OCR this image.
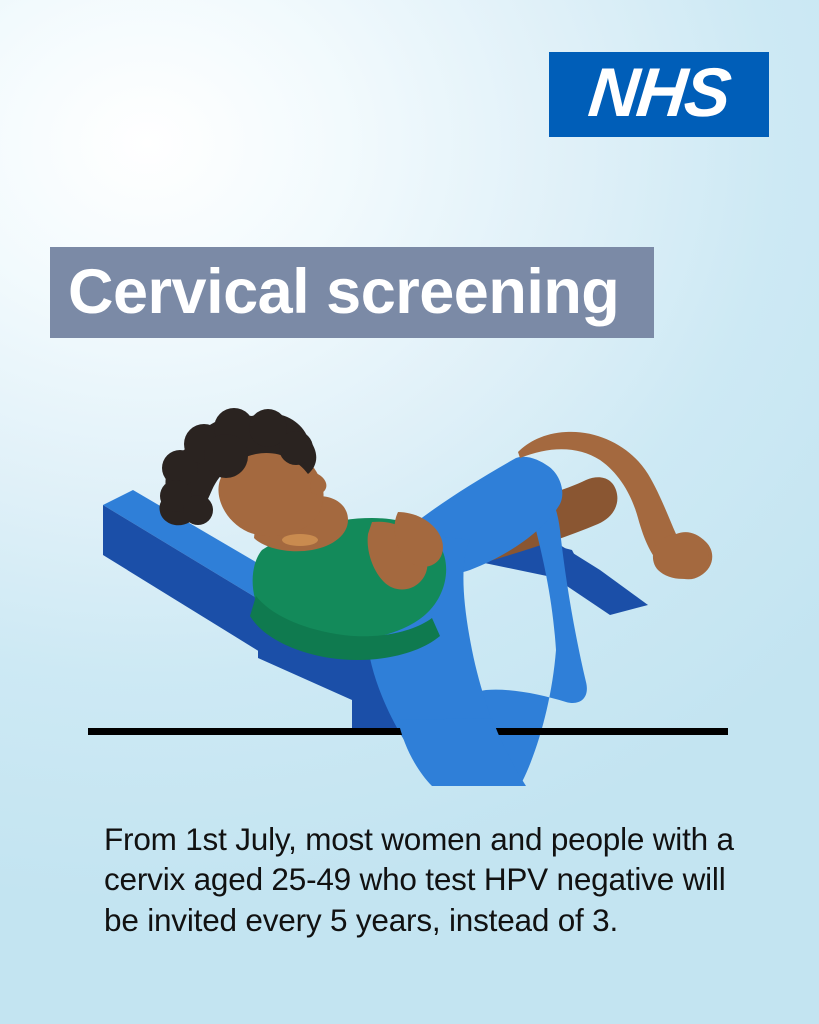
NHS
Cervical screening

From 1st July, most women and people with a cervix aged 25-49 who test HPV negative will be invited every 5 years, instead of 3.
